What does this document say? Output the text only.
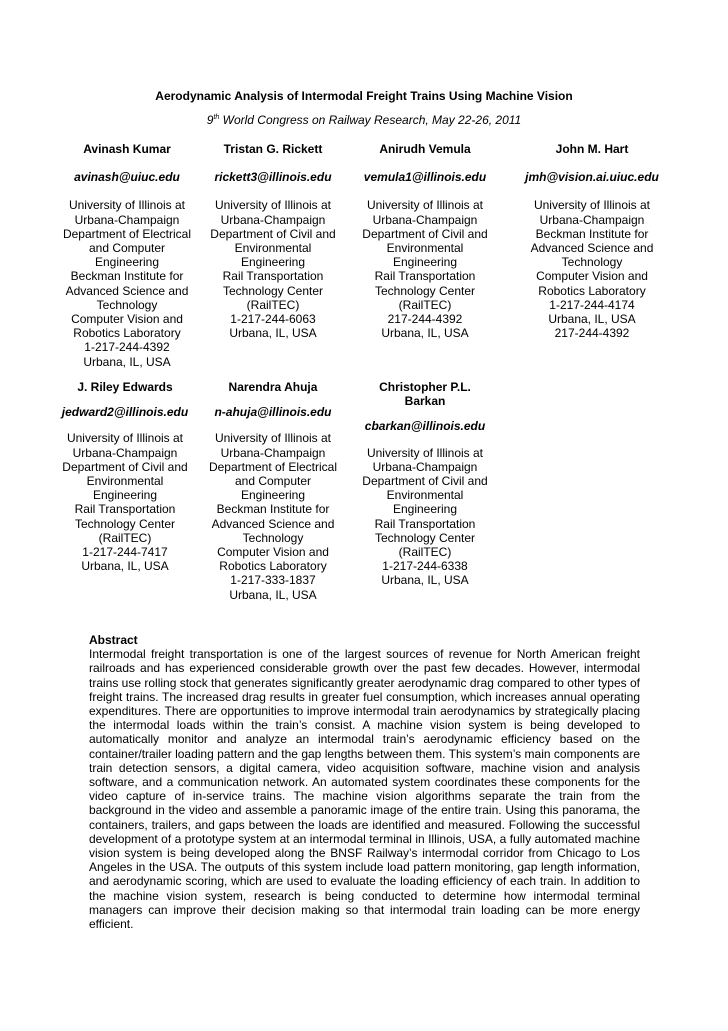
Aerodynamic Analysis of Intermodal Freight Trains Using Machine Vision
9th World Congress on Railway Research, May 22-26, 2011
Avinash Kumar
avinash@uiuc.edu
University of Illinois at
Urbana-Champaign
Department of Electrical
and Computer
Engineering
Beckman Institute for
Advanced Science and
Technology
Computer Vision and
Robotics Laboratory
1-217-244-4392
Urbana, IL, USA
Tristan G. Rickett
rickett3@illinois.edu
University of Illinois at
Urbana-Champaign
Department of Civil and
Environmental
Engineering
Rail Transportation
Technology Center
(RailTEC)
1-217-244-6063
Urbana, IL, USA
Anirudh Vemula
vemula1@illinois.edu
University of Illinois at
Urbana-Champaign
Department of Civil and
Environmental Engineering
Rail Transportation
Technology Center
(RailTEC)
217-244-4392
Urbana, IL, USA
John M. Hart
jmh@vision.ai.uiuc.edu
University of Illinois at
Urbana-Champaign
Beckman Institute for
Advanced Science and
Technology
Computer Vision and
Robotics Laboratory
1-217-244-4174
Urbana, IL, USA
217-244-4392
J. Riley Edwards
jedward2@illinois.edu
University of Illinois at
Urbana-Champaign
Department of Civil and
Environmental
Engineering
Rail Transportation
Technology Center
(RailTEC)
1-217-244-7417
Urbana, IL, USA
Narendra Ahuja
n-ahuja@illinois.edu
University of Illinois at
Urbana-Champaign
Department of Electrical
and Computer
Engineering
Beckman Institute for
Advanced Science and
Technology
Computer Vision and
Robotics Laboratory
1-217-333-1837
Urbana, IL, USA
Christopher P.L.
Barkan
cbarkan@illinois.edu
University of Illinois at
Urbana-Champaign
Department of Civil and
Environmental Engineering
Rail Transportation
Technology Center
(RailTEC)
1-217-244-6338
Urbana, IL, USA
Abstract

Intermodal freight transportation is one of the largest sources of revenue for North American freight railroads and has experienced considerable growth over the past few decades. However, intermodal trains use rolling stock that generates significantly greater aerodynamic drag compared to other types of freight trains. The increased drag results in greater fuel consumption, which increases annual operating expenditures. There are opportunities to improve intermodal train aerodynamics by strategically placing the intermodal loads within the train’s consist. A machine vision system is being developed to automatically monitor and analyze an intermodal train’s aerodynamic efficiency based on the container/trailer loading pattern and the gap lengths between them. This system’s main components are train detection sensors, a digital camera, video acquisition software, machine vision and analysis software, and a communication network. An automated system coordinates these components for the video capture of in-service trains. The machine vision algorithms separate the train from the background in the video and assemble a panoramic image of the entire train. Using this panorama, the containers, trailers, and gaps between the loads are identified and measured. Following the successful development of a prototype system at an intermodal terminal in Illinois, USA, a fully automated machine vision system is being developed along the BNSF Railway’s intermodal corridor from Chicago to Los Angeles in the USA. The outputs of this system include load pattern monitoring, gap length information, and aerodynamic scoring, which are used to evaluate the loading efficiency of each train. In addition to the machine vision system, research is being conducted to determine how intermodal terminal managers can improve their decision making so that intermodal train loading can be more energy efficient.
